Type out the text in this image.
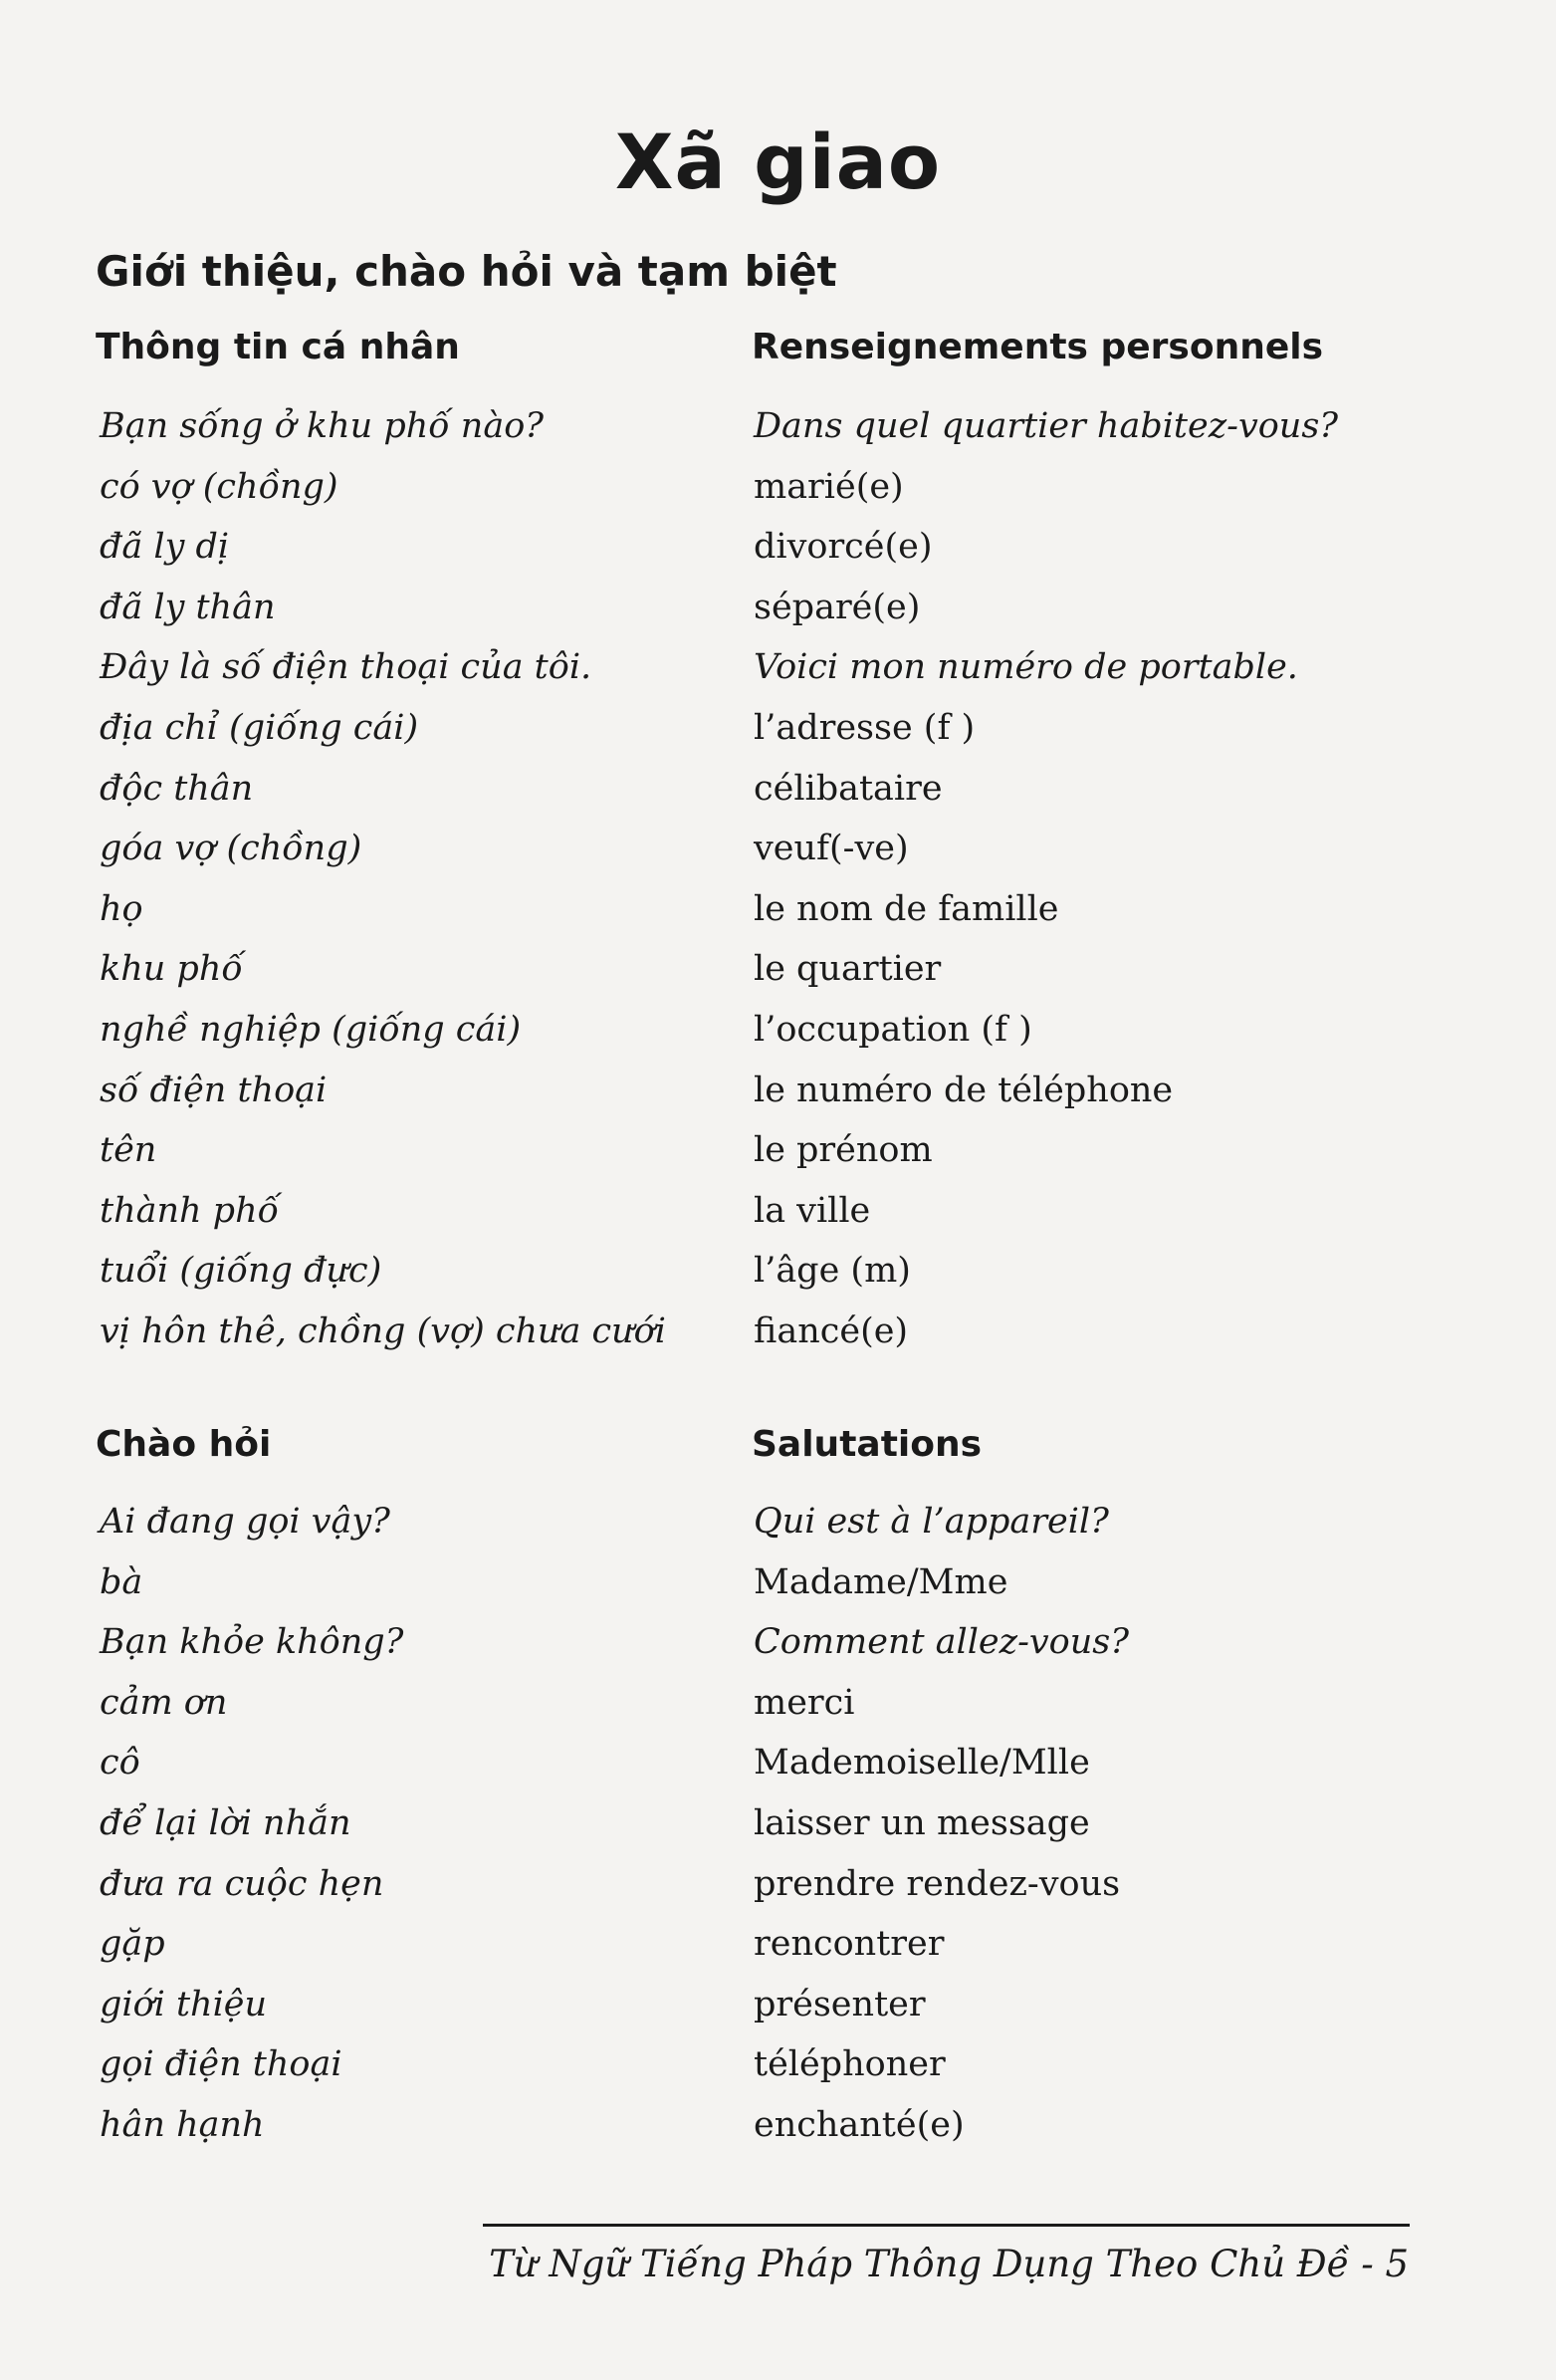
Xã giao
Giới thiệu, chào hỏi và tạm biệt
Thông tin cá nhân	Renseignements personnels
Bạn sống ở khu phố nào?	Dans quel quartier habitez-vous?
có vợ (chồng)	marié(e)
đã ly dị	divorcé(e)
đã ly thân	séparé(e)
Đây là số điện thoại của tôi.	Voici mon numéro de portable.
địa chỉ (giống cái)	l’adresse (f )
độc thân	célibataire
góa vợ (chồng)	veuf(-ve)
họ	le nom de famille
khu phố	le quartier
nghề nghiệp (giống cái)	l’occupation (f )
số điện thoại	le numéro de téléphone
tên	le prénom
thành phố	la ville
tuổi (giống đực)	l’âge (m)
vị hôn thê, chồng (vợ) chưa cưới	fiancé(e)
Chào hỏi	Salutations
Ai đang gọi vậy?	Qui est à l’appareil?
bà	Madame/Mme
Bạn khỏe không?	Comment allez-vous?
cảm ơn	merci
cô	Mademoiselle/Mlle
để lại lời nhắn	laisser un message
đưa ra cuộc hẹn	prendre rendez-vous
gặp	rencontrer
giới thiệu	présenter
gọi điện thoại	téléphoner
hân hạnh	enchanté(e)
Từ Ngữ Tiếng Pháp Thông Dụng Theo Chủ Đề - 5
